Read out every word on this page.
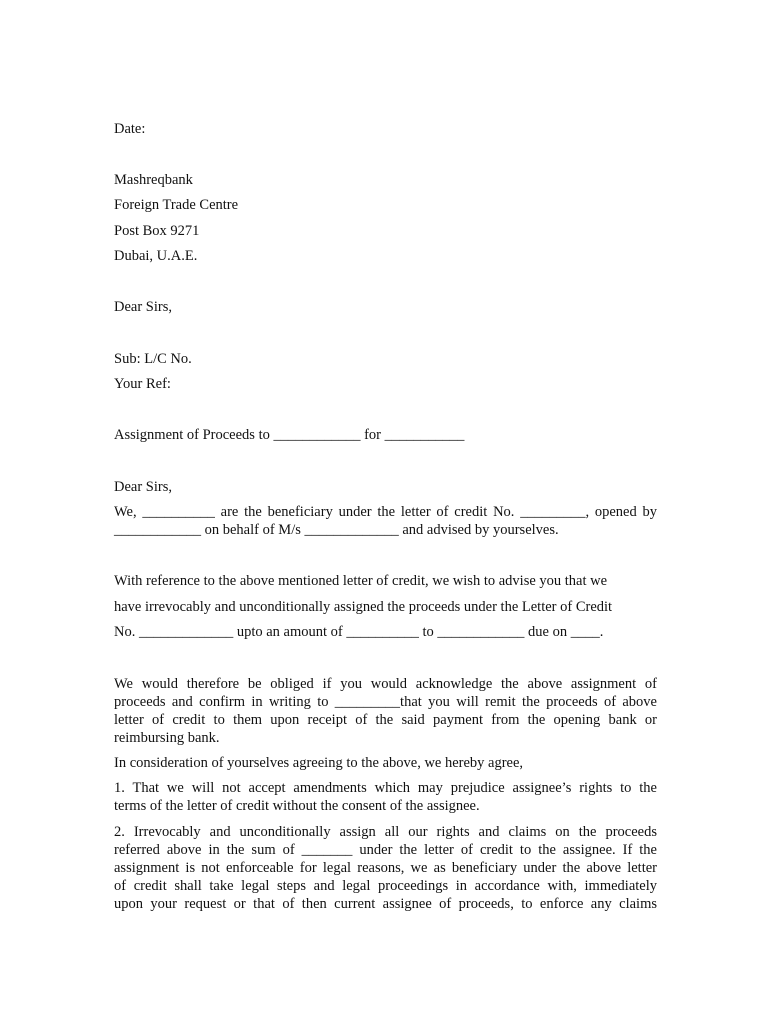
Date:

Mashreqbank

Foreign Trade Centre

Post Box 9271

Dubai, U.A.E.

Dear Sirs,

Sub: L/C No.

Your Ref:

Assignment of Proceeds to ____________ for ___________

Dear Sirs,

We, __________ are the beneficiary under the letter of credit No. _________, opened by
____________ on behalf of M/s _____________ and advised by yourselves.

With reference to the above mentioned letter of credit, we wish to advise you that we

have irrevocably and unconditionally assigned the proceeds under the Letter of Credit

No. _____________ upto an amount of __________ to ____________ due on ____.

We would therefore be obliged if you would acknowledge the above assignment of
proceeds and confirm in writing to _________that you will remit the proceeds of above
letter of credit to them upon receipt of the said payment from the opening bank or
reimbursing bank.

In consideration of yourselves agreeing to the above, we hereby agree,

1. That we will not accept amendments which may prejudice assignee’s rights to the
terms of the letter of credit without the consent of the assignee.
2. Irrevocably and unconditionally assign all our rights and claims on the proceeds
referred above in the sum of _______ under the letter of credit to the assignee. If the
assignment is not enforceable for legal reasons, we as beneficiary under the above letter
of credit shall take legal steps and legal proceedings in accordance with, immediately
upon your request or that of then current assignee of proceeds, to enforce any claims
